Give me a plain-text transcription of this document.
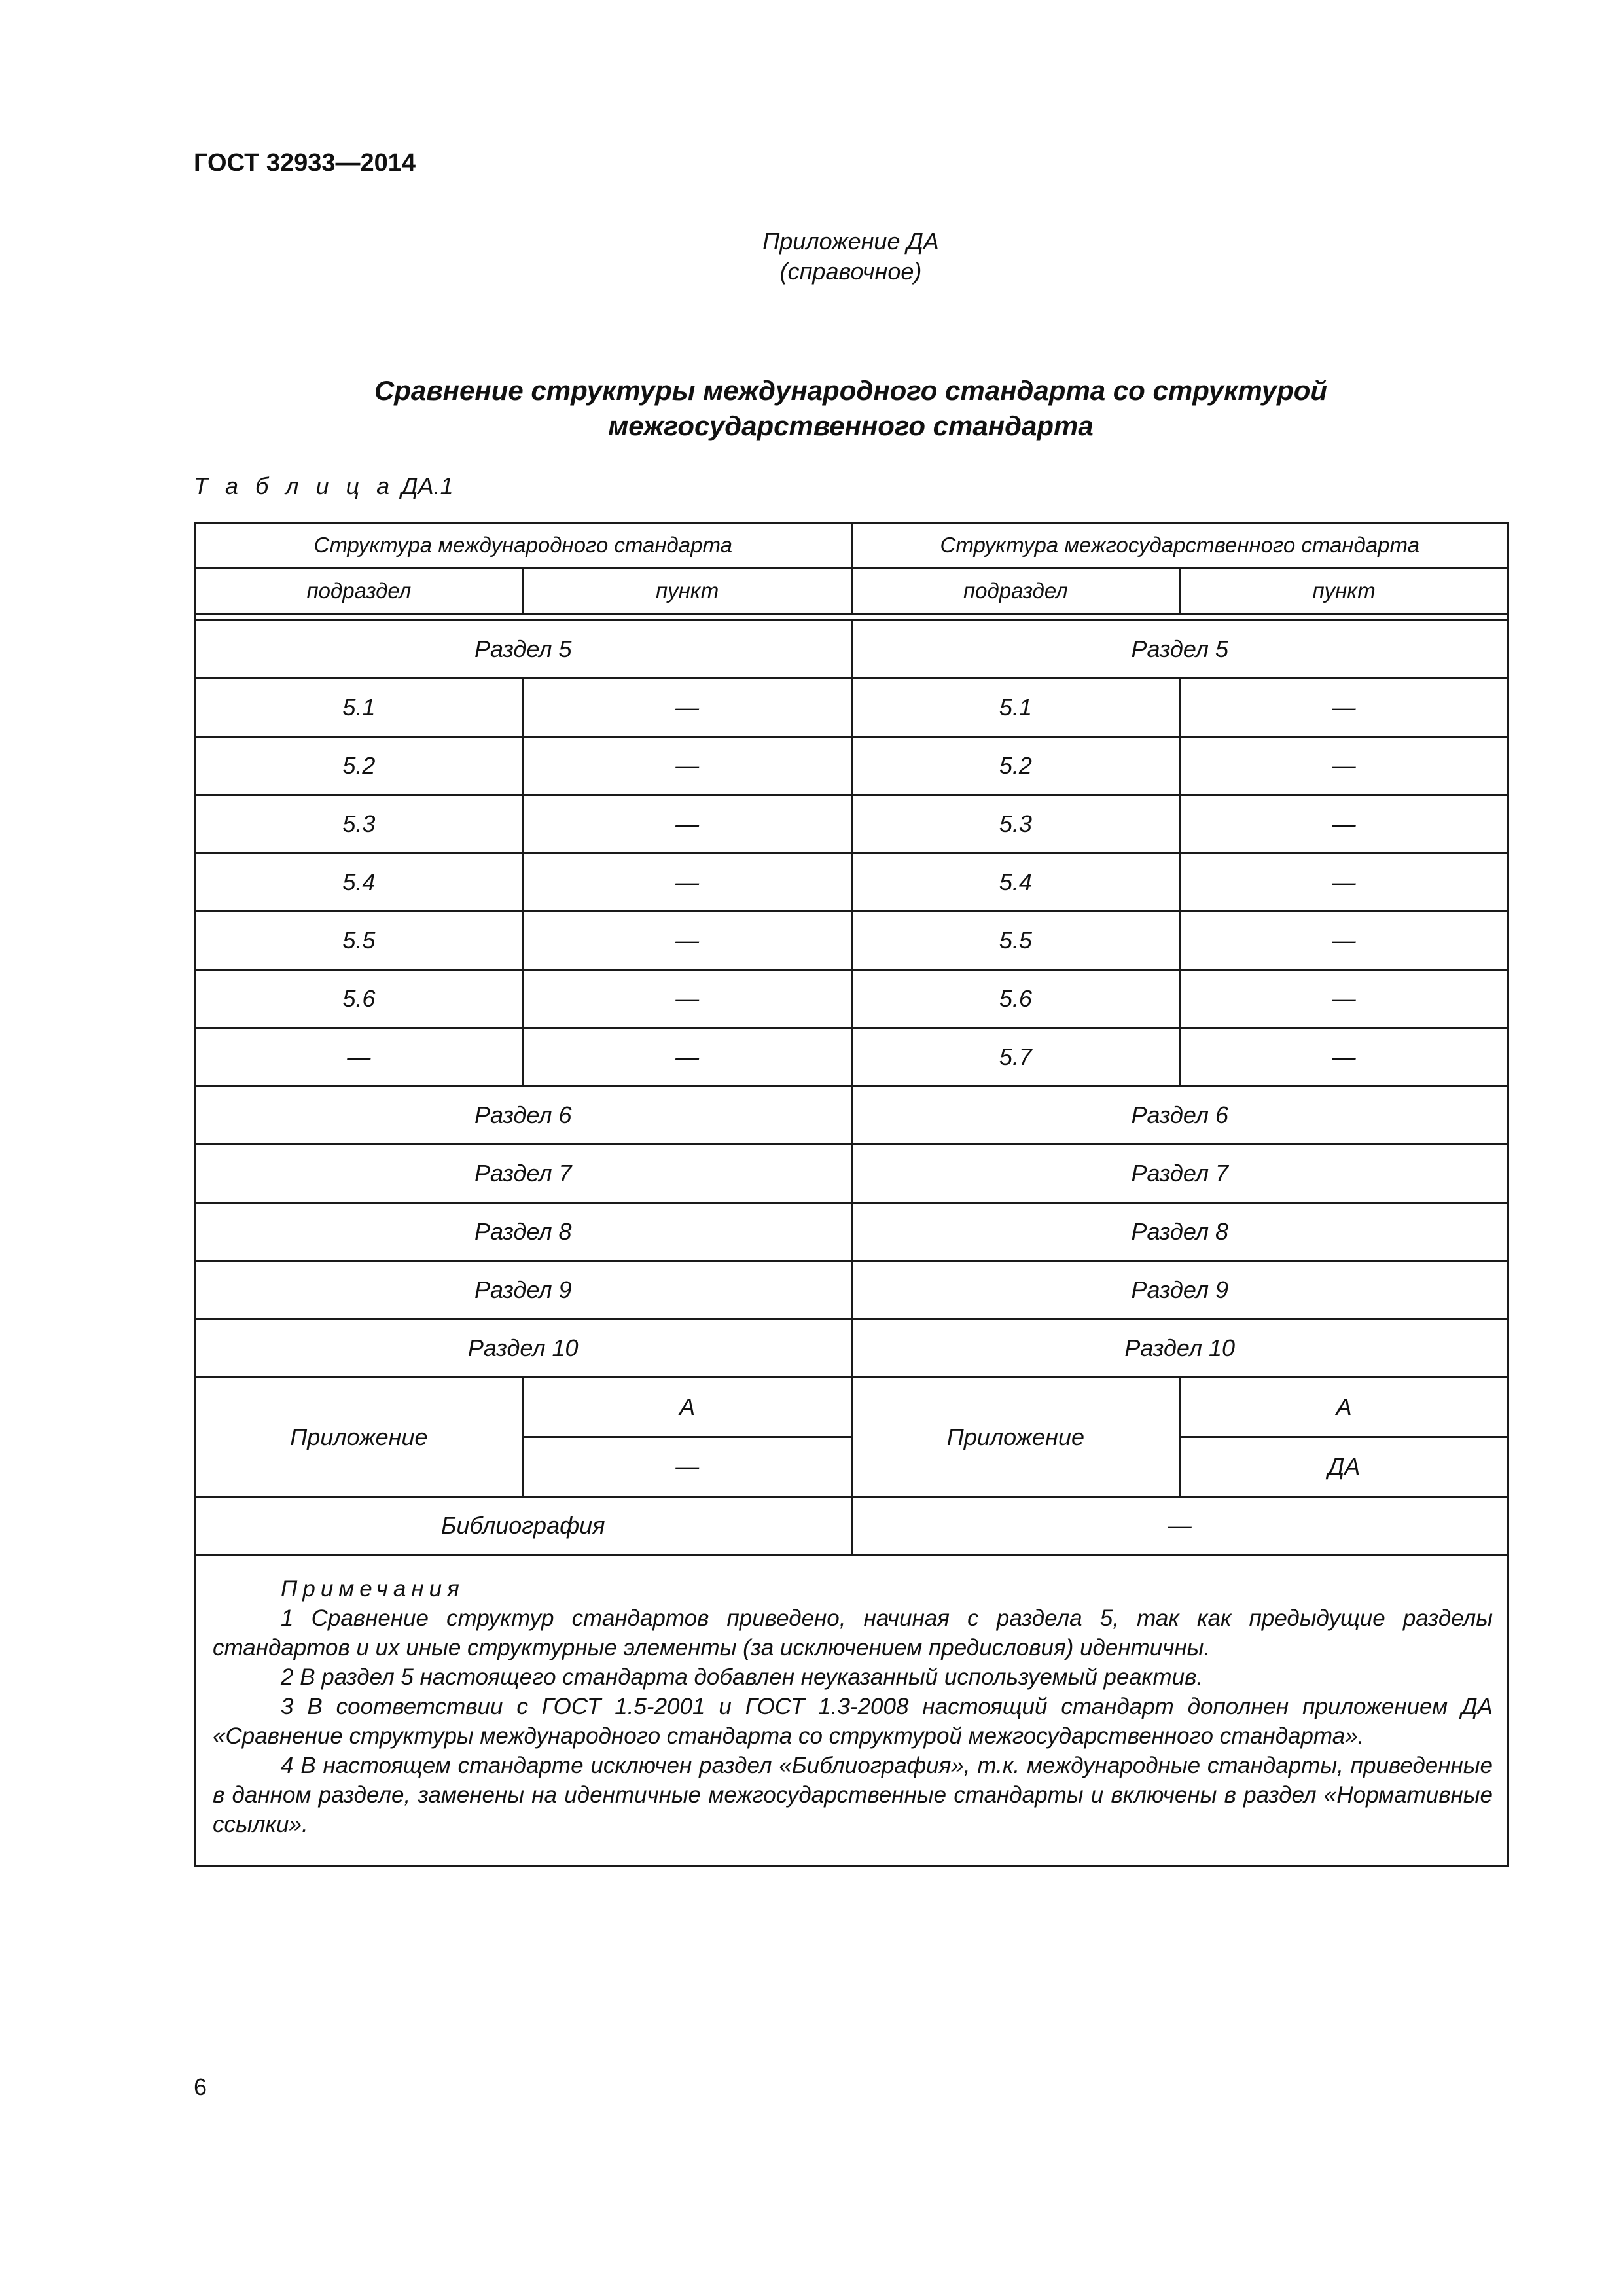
ГОСТ 32933—2014
Приложение ДА
(справочное)
Сравнение структуры международного стандарта со структурой
межгосударственного стандарта
Т а б л и ц а ДА.1
Структура международного стандарта		Структура межгосударственного стандарта	
подраздел	пункт	подраздел	пункт

Раздел 5		Раздел 5	
5.1	—	5.1	—
5.2	—	5.2	—
5.3	—	5.3	—
5.4	—	5.4	—
5.5	—	5.5	—
5.6	—	5.6	—
—	—	5.7	—
Раздел 6		Раздел 6	
Раздел 7		Раздел 7	
Раздел 8		Раздел 8	
Раздел 9		Раздел 9	
Раздел 10		Раздел 10	
Приложение	А	Приложение	А
	—		ДА
Библиография		—	

Примечания
1 Сравнение структур стандартов приведено, начиная с раздела 5, так как предыдущие разделы стандартов и их иные структурные элементы (за исключением предисловия) идентичны.
2 В раздел 5 настоящего стандарта добавлен неуказанный используемый реактив.
3 В соответствии с ГОСТ 1.5-2001 и ГОСТ 1.3-2008 настоящий стандарт дополнен приложением ДА «Сравнение структуры международного стандарта со структурой межгосударственного стандарта».
4 В настоящем стандарте исключен раздел «Библиография», т.к. международные стандарты, приведенные в данном разделе, заменены на идентичные межгосударственные стандарты и включены в раздел «Нормативные ссылки».			
6
